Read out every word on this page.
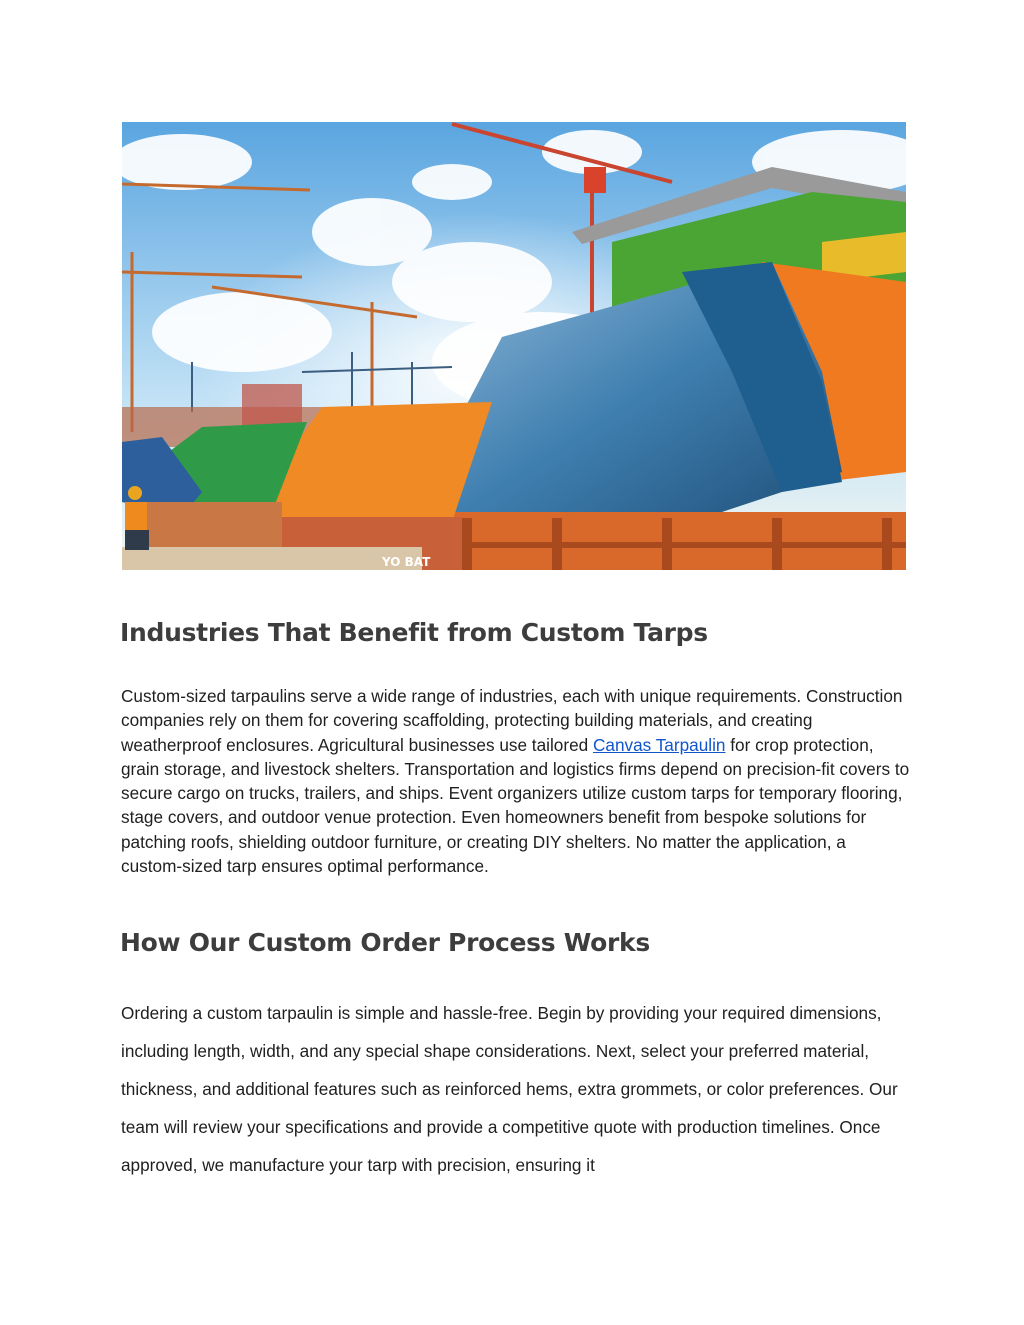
YO BAT
Industries That Benefit from Custom Tarps

Custom-sized tarpaulins serve a wide range of industries, each with unique requirements. Construction companies rely on them for covering scaffolding, protecting building materials, and creating weatherproof enclosures. Agricultural businesses use tailored Canvas Tarpaulin for crop protection, grain storage, and livestock shelters. Transportation and logistics firms depend on precision-fit covers to secure cargo on trucks, trailers, and ships. Event organizers utilize custom tarps for temporary flooring, stage covers, and outdoor venue protection. Even homeowners benefit from bespoke solutions for patching roofs, shielding outdoor furniture, or creating DIY shelters. No matter the application, a custom-sized tarp ensures optimal performance.

How Our Custom Order Process Works

Ordering a custom tarpaulin is simple and hassle-free. Begin by providing your required dimensions, including length, width, and any special shape considerations. Next, select your preferred material, thickness, and additional features such as reinforced hems, extra grommets, or color preferences. Our team will review your specifications and provide a competitive quote with production timelines. Once approved, we manufacture your tarp with precision, ensuring it
